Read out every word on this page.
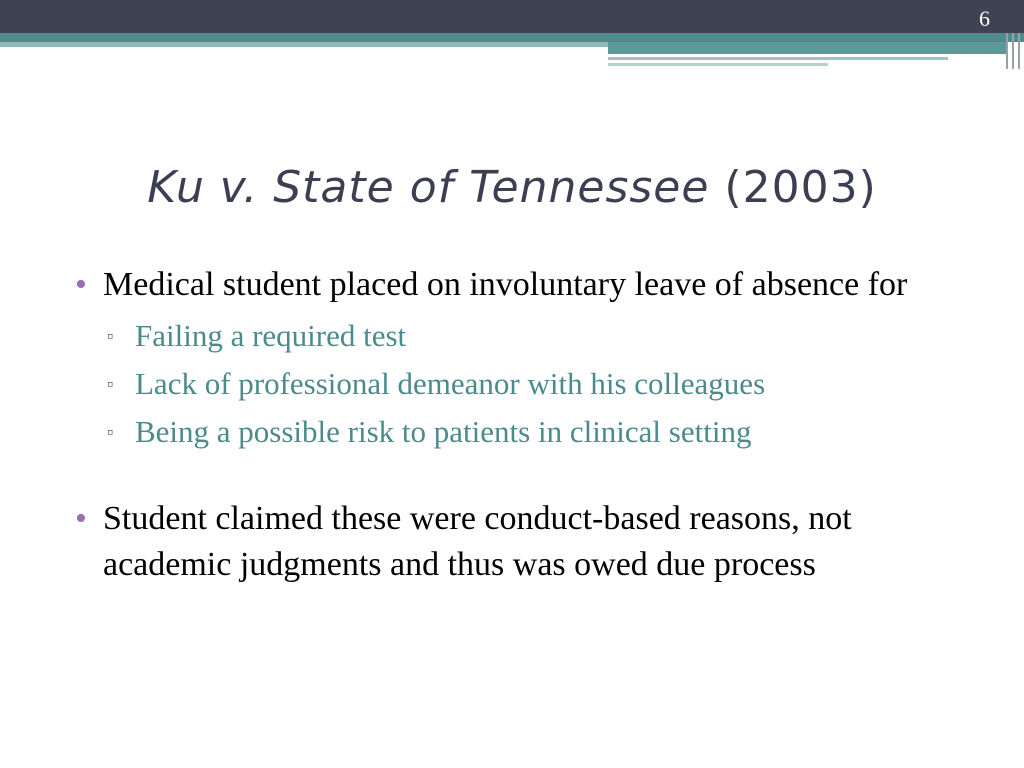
6
Ku v. State of Tennessee (2003)
• Medical student placed on involuntary leave of absence for
▫ Failing a required test
▫ Lack of professional demeanor with his colleagues
▫ Being a possible risk to patients in clinical setting
• Student claimed these were conduct-based reasons, not academic judgments and thus was owed due process
